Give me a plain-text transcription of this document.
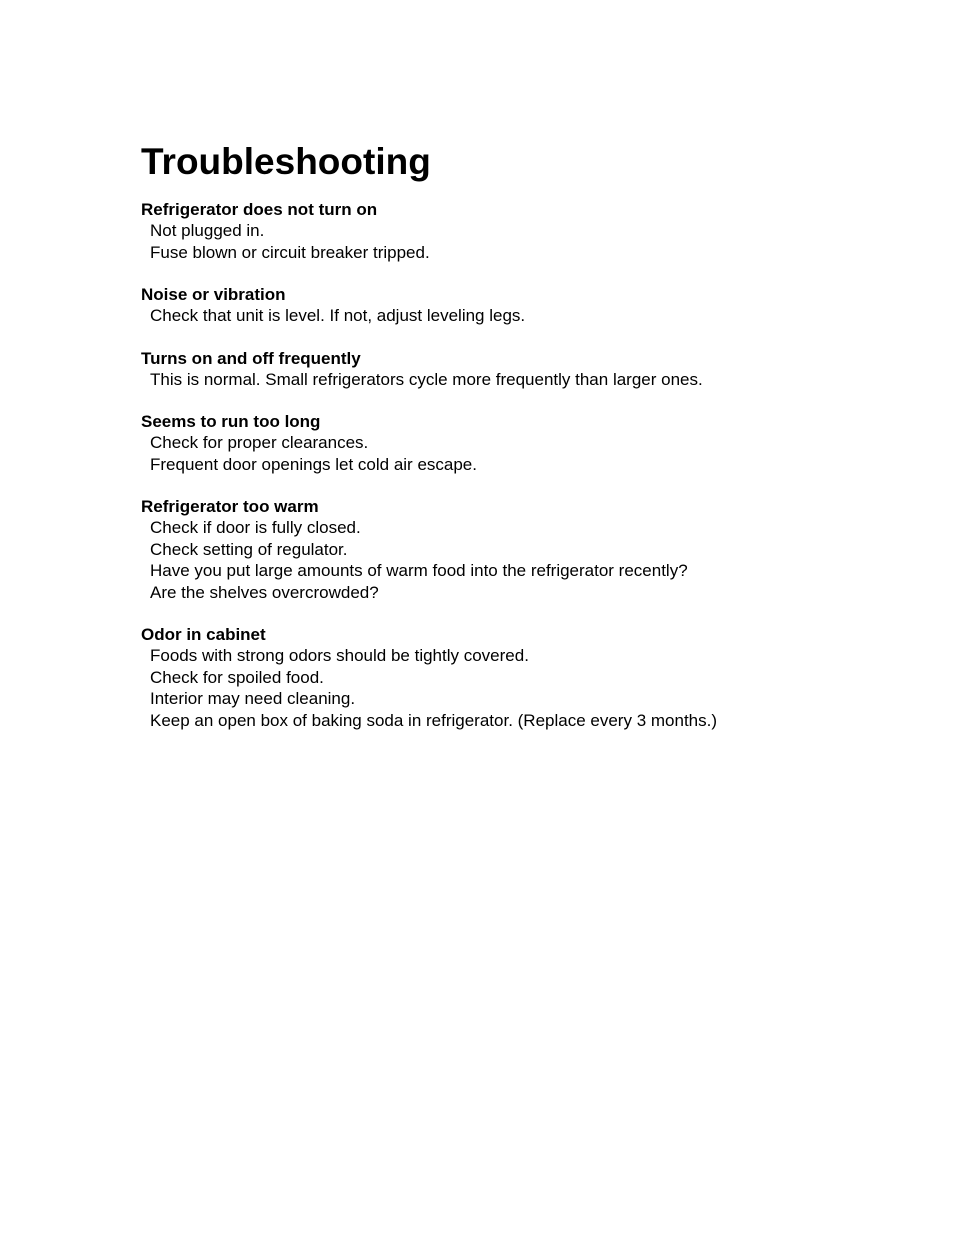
Troubleshooting
Refrigerator does not turn on
Not plugged in.
Fuse blown or circuit breaker tripped.
Noise or vibration
Check that unit is level. If not, adjust leveling legs.
Turns on and off frequently
This is normal. Small refrigerators cycle more frequently than larger ones.
Seems to run too long
Check for proper clearances.
Frequent door openings let cold air escape.
Refrigerator too warm
Check if door is fully closed.
Check setting of regulator.
Have you put large amounts of warm food into the refrigerator recently?
Are the shelves overcrowded?
Odor in cabinet
Foods with strong odors should be tightly covered.
Check for spoiled food.
Interior may need cleaning.
Keep an open box of baking soda in refrigerator. (Replace every 3 months.)
